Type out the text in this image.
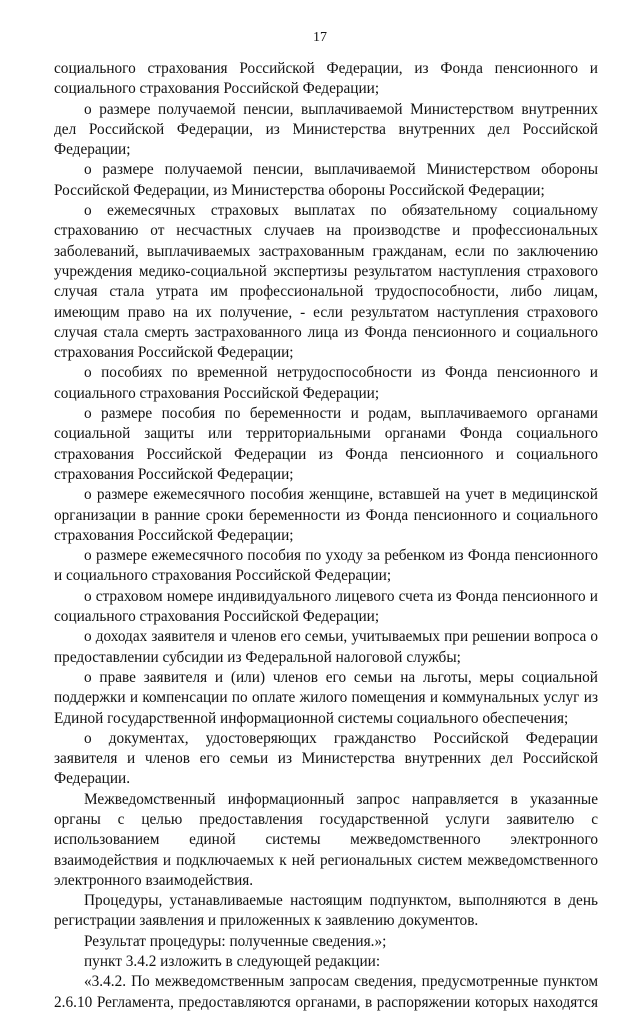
17

социального страхования Российской Федерации, из Фонда пенсионного и социального страхования Российской Федерации;

о размере получаемой пенсии, выплачиваемой Министерством внутренних дел Российской Федерации, из Министерства внутренних дел Российской Федерации;

о размере получаемой пенсии, выплачиваемой Министерством обороны Российской Федерации, из Министерства обороны Российской Федерации;

о ежемесячных страховых выплатах по обязательному социальному страхованию от несчастных случаев на производстве и профессиональных заболеваний, выплачиваемых застрахованным гражданам, если по заключению учреждения медико-социальной экспертизы результатом наступления страхового случая стала утрата им профессиональной трудоспособности, либо лицам, имеющим право на их получение, - если результатом наступления страхового случая стала смерть застрахованного лица из Фонда пенсионного и социального страхования Российской Федерации;

о пособиях по временной нетрудоспособности из Фонда пенсионного и социального страхования Российской Федерации;

о размере пособия по беременности и родам, выплачиваемого органами социальной защиты или территориальными органами Фонда социального страхования Российской Федерации из Фонда пенсионного и социального страхования Российской Федерации;

о размере ежемесячного пособия женщине, вставшей на учет в медицинской организации в ранние сроки беременности из Фонда пенсионного и социального страхования Российской Федерации;

о размере ежемесячного пособия по уходу за ребенком из Фонда пенсионного и социального страхования Российской Федерации;

о страховом номере индивидуального лицевого счета из Фонда пенсионного и социального страхования Российской Федерации;

о доходах заявителя и членов его семьи, учитываемых при решении вопроса о предоставлении субсидии из Федеральной налоговой службы;

о праве заявителя и (или) членов его семьи на льготы, меры социальной поддержки и компенсации по оплате жилого помещения и коммунальных услуг из Единой государственной информационной системы социального обеспечения;

о документах, удостоверяющих гражданство Российской Федерации заявителя и членов его семьи из Министерства внутренних дел Российской Федерации.

Межведомственный информационный запрос направляется в указанные органы с целью предоставления государственной услуги заявителю с использованием единой системы межведомственного электронного взаимодействия и подключаемых к ней региональных систем межведомственного электронного взаимодействия.

Процедуры, устанавливаемые настоящим подпунктом, выполняются в день регистрации заявления и приложенных к заявлению документов.

Результат процедуры: полученные сведения.»;

пункт 3.4.2 изложить в следующей редакции:

«3.4.2. По межведомственным запросам сведения, предусмотренные пунктом 2.6.10 Регламента, предоставляются органами, в распоряжении которых находятся
